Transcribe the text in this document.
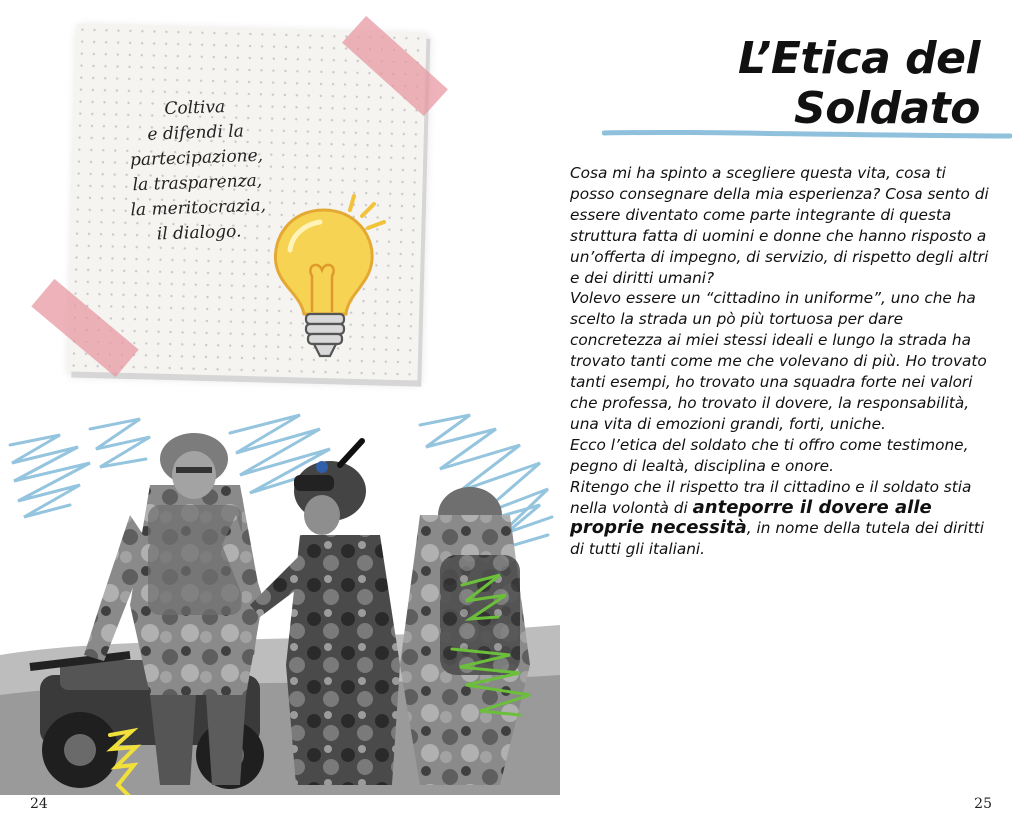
Coltiva
e difendi la
partecipazione,
la trasparenza,
la meritocrazia,
il dialogo.
L’Etica del
Soldato

Cosa mi ha spinto a scegliere questa vita, cosa ti posso consegnare della mia esperienza? Cosa sento di essere diventato come parte integrante di questa struttura fatta di uomini e donne che hanno risposto a un’offerta di impegno, di servizio, di rispetto degli altri e dei diritti umani?

Volevo essere un “cittadino in uniforme”, uno che ha scelto la strada un pò più tortuosa per dare concretezza ai miei stessi ideali e lungo la strada ha trovato tanti come me che volevano di più. Ho trovato tanti esempi, ho trovato una squadra forte nei valori che professa, ho trovato il dovere, la responsabilità, una vita di emozioni grandi, forti, uniche.

Ecco l’etica del soldato che ti offro come testimone, pegno di lealtà, disciplina e onore.

Ritengo che il rispetto tra il cittadino e il soldato stia nella volontà di anteporre il dovere alle proprie necessità, in nome della tutela dei diritti di tutti gli italiani.

24	25
